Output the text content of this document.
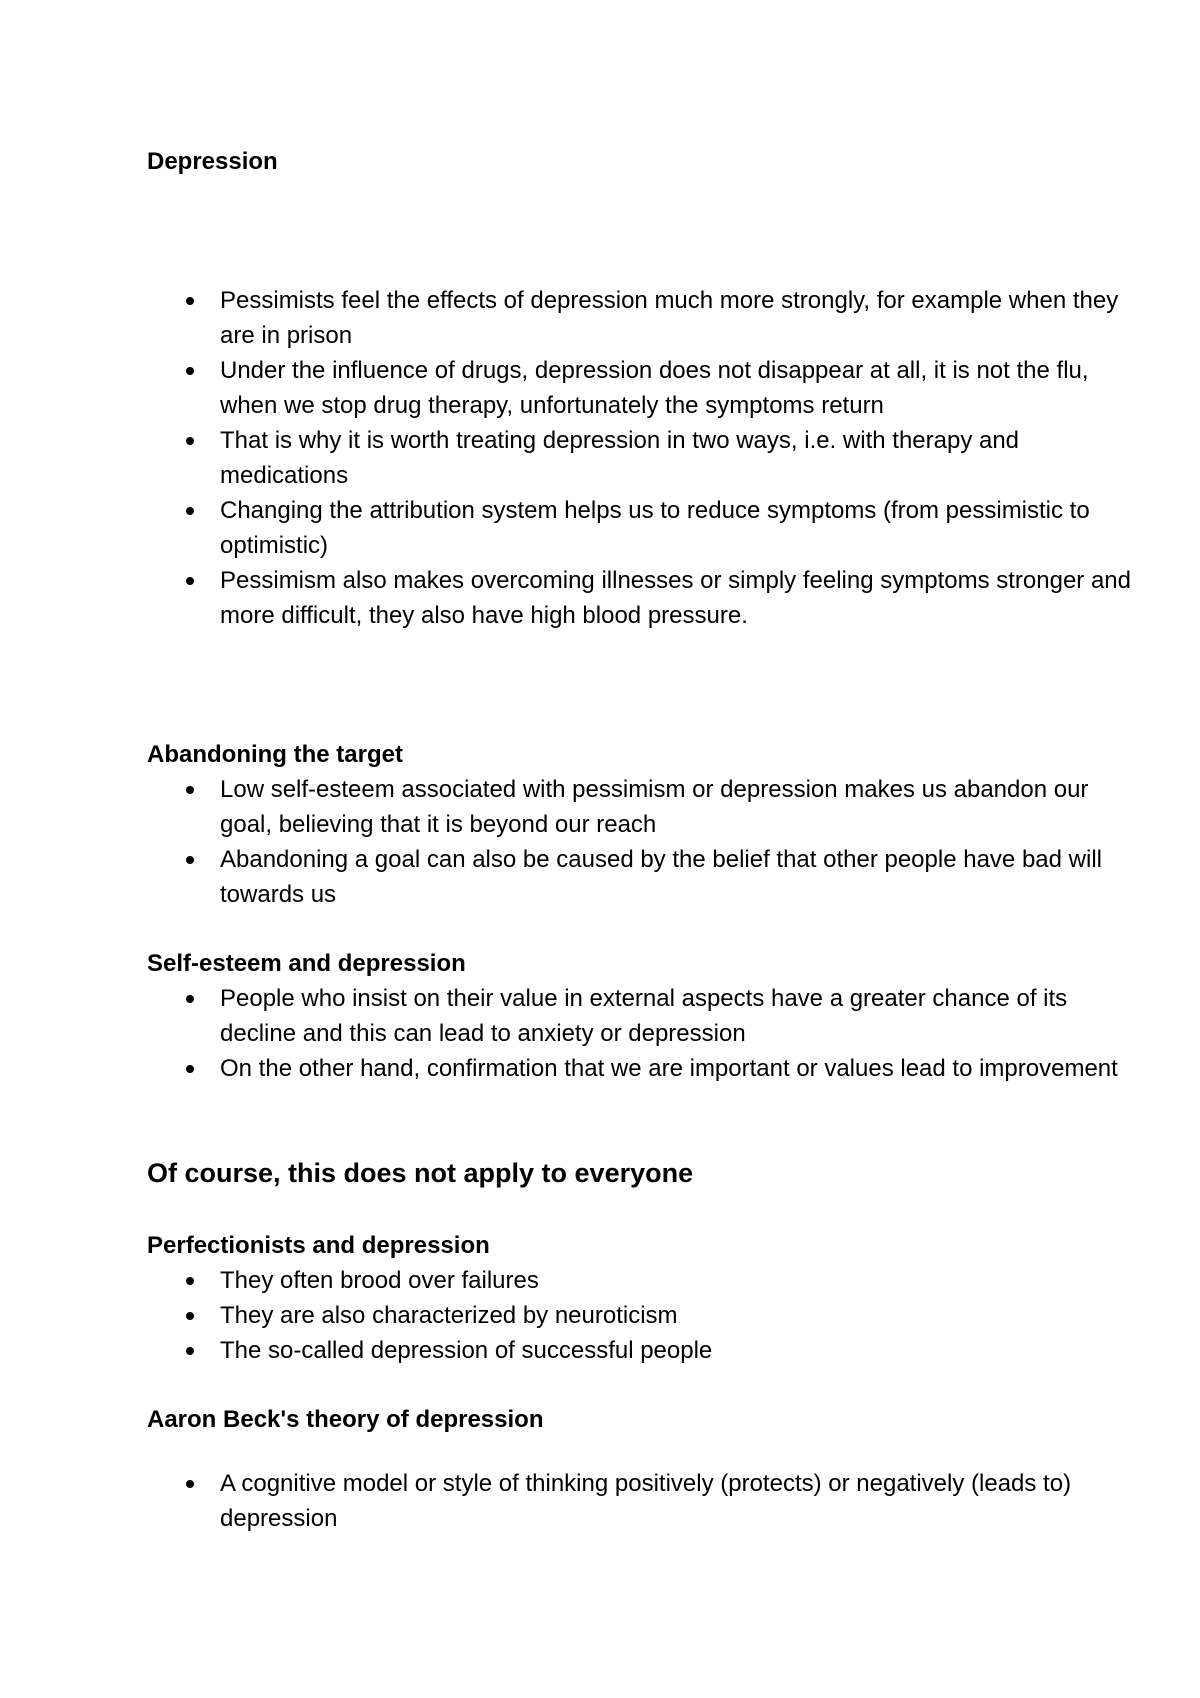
Depression
Pessimists feel the effects of depression much more strongly, for example when they are in prison
Under the influence of drugs, depression does not disappear at all, it is not the flu, when we stop drug therapy, unfortunately the symptoms return
That is why it is worth treating depression in two ways, i.e. with therapy and medications
Changing the attribution system helps us to reduce symptoms (from pessimistic to optimistic)
Pessimism also makes overcoming illnesses or simply feeling symptoms stronger and more difficult, they also have high blood pressure.
Abandoning the target
Low self-esteem associated with pessimism or depression makes us abandon our goal, believing that it is beyond our reach
Abandoning a goal can also be caused by the belief that other people have bad will towards us
Self-esteem and depression
People who insist on their value in external aspects have a greater chance of its decline and this can lead to anxiety or depression
On the other hand, confirmation that we are important or values lead to improvement
Of course, this does not apply to everyone
Perfectionists and depression
They often brood over failures
They are also characterized by neuroticism
The so-called depression of successful people
Aaron Beck's theory of depression
A cognitive model or style of thinking positively (protects) or negatively (leads to) depression
